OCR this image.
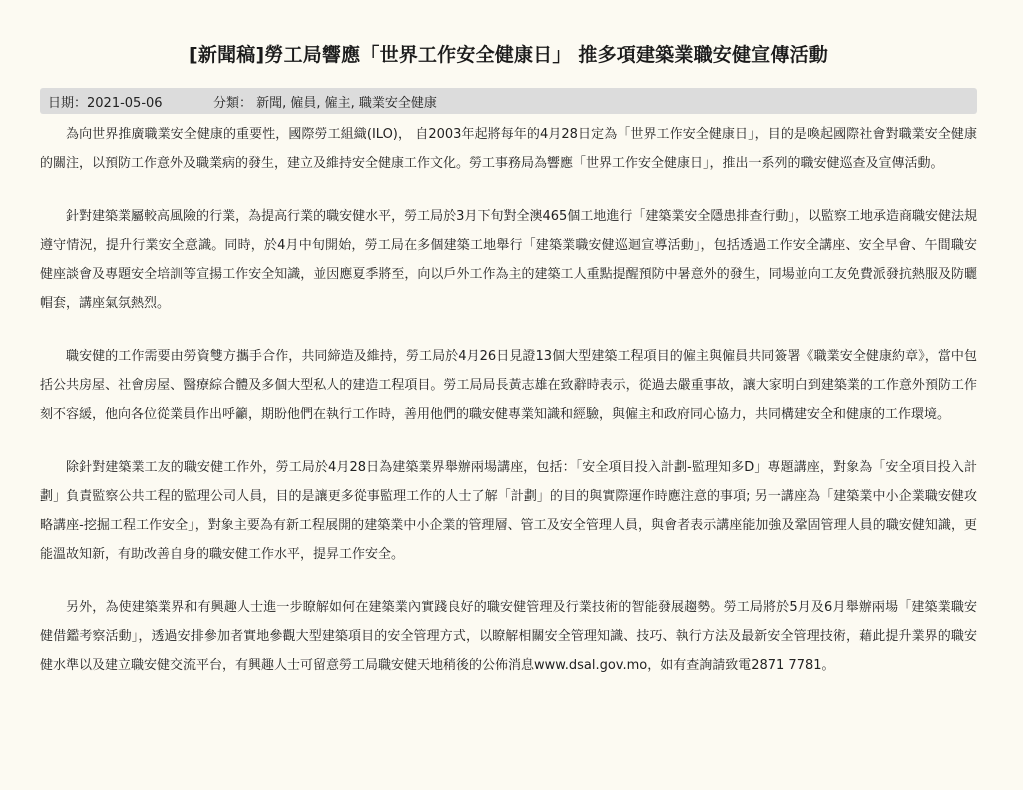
[新聞稿]勞工局響應「世界工作安全健康日」 推多項建築業職安健宣傳活動
日期：2021-05-06	分類： 新聞, 僱員, 僱主, 職業安全健康

為向世界推廣職業安全健康的重要性，國際勞工組織(ILO)， 自2003年起將每年的4月28日定為「世界工作安全健康日」，目的是喚起國際社會對職業安全健康的關注，以預防工作意外及職業病的發生，建立及維持安全健康工作文化。勞工事務局為響應「世界工作安全健康日」，推出一系列的職安健巡查及宣傳活動。

針對建築業屬較高風險的行業，為提高行業的職安健水平，勞工局於3月下旬對全澳465個工地進行「建築業安全隱患排查行動」，以監察工地承造商職安健法規遵守情況，提升行業安全意識。同時，於4月中旬開始，勞工局在多個建築工地舉行「建築業職安健巡迴宣導活動」，包括透過工作安全講座、安全早會、午間職安健座談會及專題安全培訓等宣揚工作安全知識，並因應夏季將至，向以戶外工作為主的建築工人重點提醒預防中暑意外的發生，同場並向工友免費派發抗熱服及防曬帽套，講座氣氛熱烈。

職安健的工作需要由勞資雙方攜手合作，共同締造及維持，勞工局於4月26日見證13個大型建築工程項目的僱主與僱員共同簽署《職業安全健康約章》，當中包括公共房屋、社會房屋、醫療綜合體及多個大型私人的建造工程項目。勞工局局長黃志雄在致辭時表示，從過去嚴重事故，讓大家明白到建築業的工作意外預防工作刻不容緩，他向各位從業員作出呼籲，期盼他們在執行工作時，善用他們的職安健專業知識和經驗，與僱主和政府同心協力，共同構建安全和健康的工作環境。

除針對建築業工友的職安健工作外，勞工局於4月28日為建築業界舉辦兩場講座，包括：「安全項目投入計劃-監理知多D」專題講座，對象為「安全項目投入計劃」負責監察公共工程的監理公司人員，目的是讓更多從事監理工作的人士了解「計劃」的目的與實際運作時應注意的事項; 另一講座為「建築業中小企業職安健攻略講座-挖掘工程工作安全」，對象主要為有新工程展開的建築業中小企業的管理層、管工及安全管理人員，與會者表示講座能加強及鞏固管理人員的職安健知識，更能溫故知新，有助改善自身的職安健工作水平，提昇工作安全。

另外，為使建築業界和有興趣人士進一步瞭解如何在建築業內實踐良好的職安健管理及行業技術的智能發展趨勢。勞工局將於5月及6月舉辦兩場「建築業職安健借鑑考察活動」，透過安排參加者實地參觀大型建築項目的安全管理方式，以瞭解相關安全管理知識、技巧、執行方法及最新安全管理技術，藉此提升業界的職安健水準以及建立職安健交流平台，有興趣人士可留意勞工局職安健天地稍後的公佈消息www.dsal.gov.mo，如有查詢請致電2871 7781。
